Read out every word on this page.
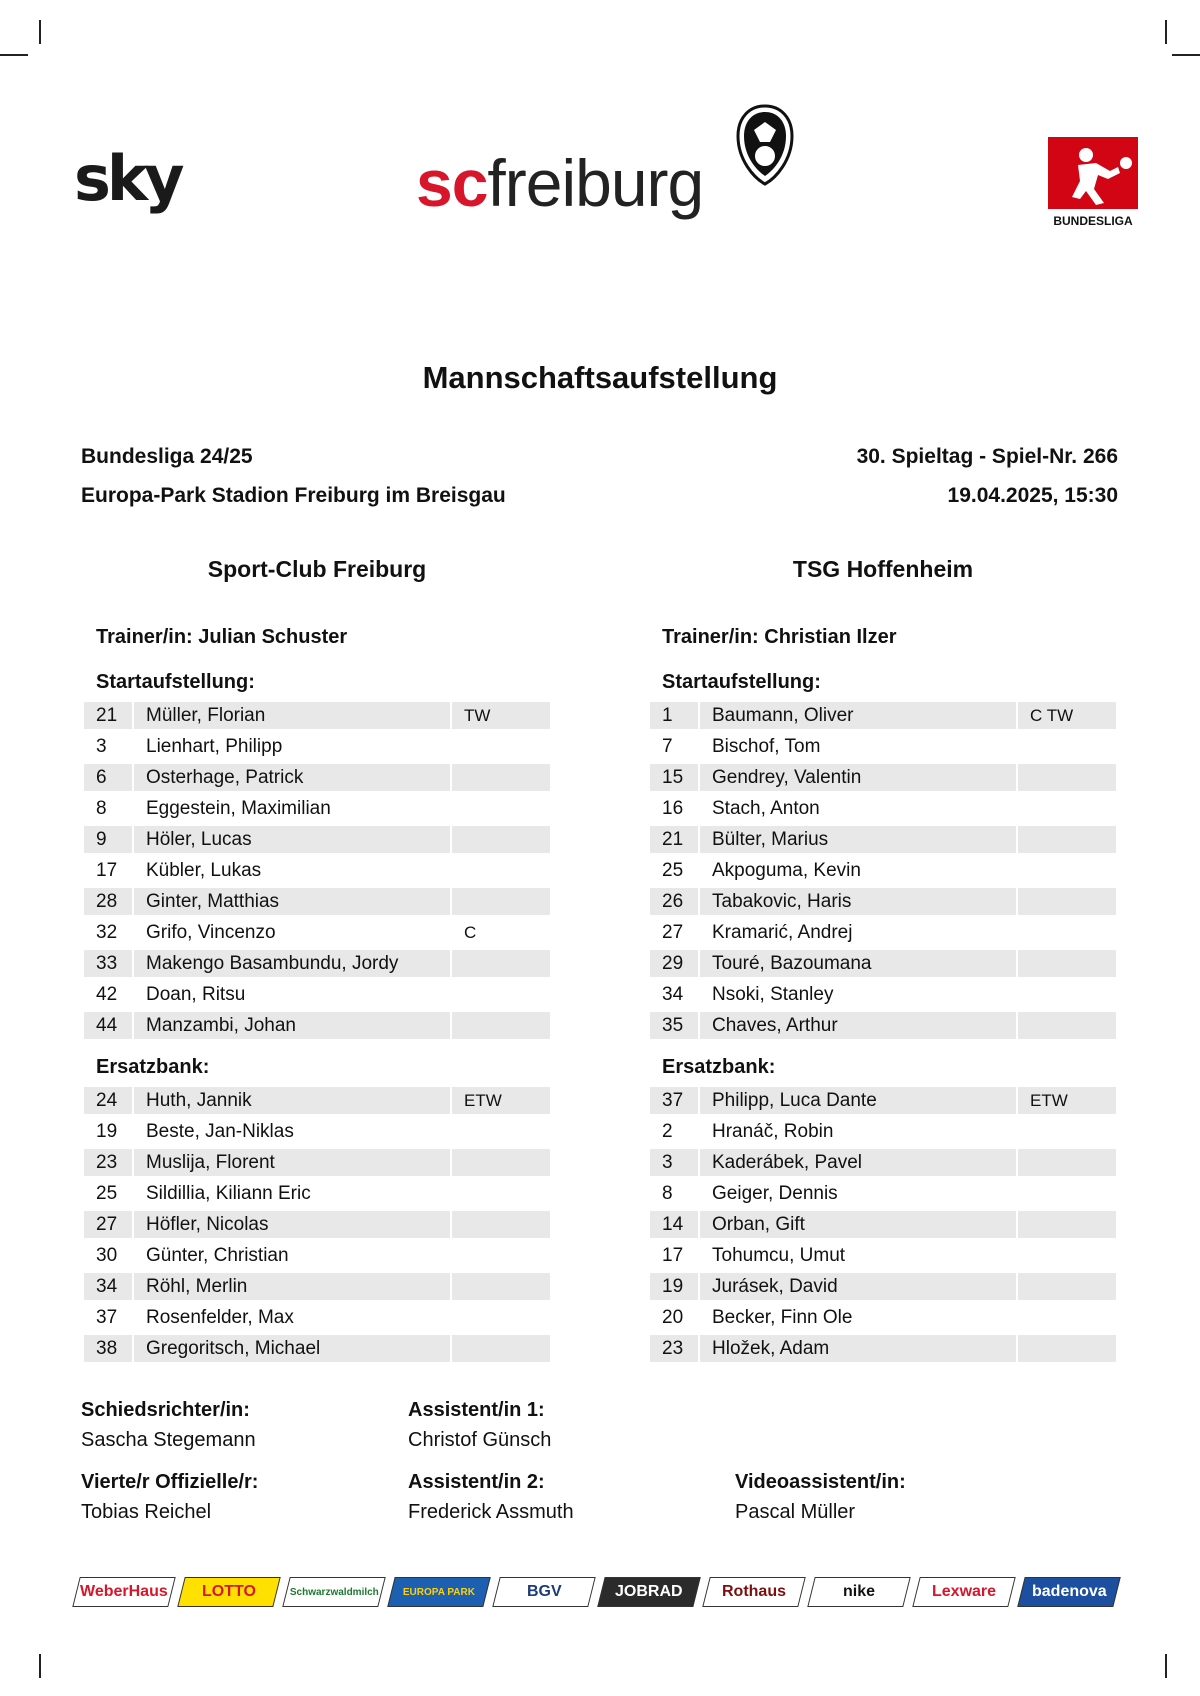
sky	scfreiburg
BUNDESLIGA
Mannschaftsaufstellung
Bundesliga 24/25
Europa-Park Stadion Freiburg im Breisgau
30. Spieltag - Spiel-Nr. 266
19.04.2025, 15:30
Sport-Club Freiburg	TSG Hoffenheim
Trainer/in: Julian Schuster	Trainer/in: Christian Ilzer
Startaufstellung:	Startaufstellung:
Ersatzbank:	Ersatzbank:
21	Müller, Florian	TW
3	Lienhart, Philipp
6	Osterhage, Patrick
8	Eggestein, Maximilian
9	Höler, Lucas
17	Kübler, Lukas
28	Ginter, Matthias
32	Grifo, Vincenzo	C
33	Makengo Basambundu, Jordy
42	Doan, Ritsu
44	Manzambi, Johan
1	Baumann, Oliver	C TW
7	Bischof, Tom
15	Gendrey, Valentin
16	Stach, Anton
21	Bülter, Marius
25	Akpoguma, Kevin
26	Tabakovic, Haris
27	Kramarić, Andrej
29	Touré, Bazoumana
34	Nsoki, Stanley
35	Chaves, Arthur
24	Huth, Jannik	ETW
19	Beste, Jan-Niklas
23	Muslija, Florent
25	Sildillia, Kiliann Eric
27	Höfler, Nicolas
30	Günter, Christian
34	Röhl, Merlin
37	Rosenfelder, Max
38	Gregoritsch, Michael
37	Philipp, Luca Dante	ETW
2	Hranáč, Robin
3	Kaderábek, Pavel
8	Geiger, Dennis
14	Orban, Gift
17	Tohumcu, Umut
19	Jurásek, David
20	Becker, Finn Ole
23	Hložek, Adam
Schiedsrichter/in:
Sascha Stegemann
Assistent/in 1:
Christof Günsch
Vierte/r Offizielle/r:
Tobias Reichel
Assistent/in 2:
Frederick Assmuth
Videoassistent/in:
Pascal Müller
WeberHaus LOTTO	Schwarzwaldmilch EUROPA PARK	BGV	JOBRAD Rothaus	nike	Lexware badenova
